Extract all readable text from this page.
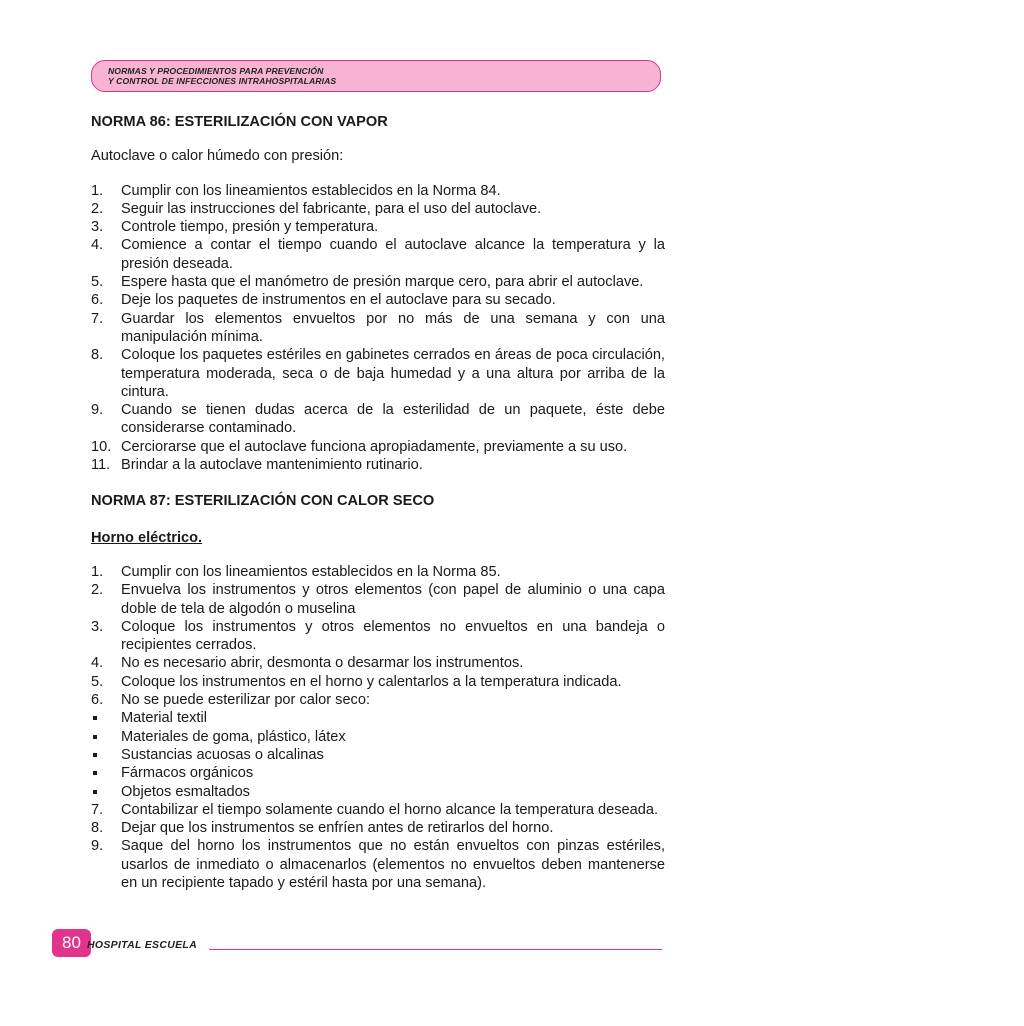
NORMAS Y PROCEDIMIENTOS PARA PREVENCIÓN
Y CONTROL DE INFECCIONES INTRAHOSPITALARIAS
NORMA 86: ESTERILIZACIÓN CON VAPOR
Autoclave o calor húmedo con presión:
1. Cumplir con los lineamientos establecidos en la Norma 84.
2. Seguir las instrucciones del fabricante, para el uso del autoclave.
3. Controle tiempo, presión y temperatura.
4. Comience a contar el tiempo cuando el autoclave alcance la temperatura y la presión deseada.
5. Espere hasta que el manómetro de presión marque cero, para abrir el autoclave.
6. Deje los paquetes de instrumentos en el autoclave para su secado.
7. Guardar los elementos envueltos por no más de una semana y con una manipulación mínima.
8. Coloque los paquetes estériles en gabinetes cerrados en áreas de poca circulación, temperatura moderada, seca o de baja humedad y a una altura por arriba de la cintura.
9. Cuando se tienen dudas acerca de la esterilidad de un paquete, éste debe considerarse contaminado.
10. Cerciorarse que el autoclave funciona apropiadamente, previamente a su uso.
11. Brindar a la autoclave mantenimiento rutinario.
NORMA 87: ESTERILIZACIÓN CON CALOR SECO
Horno eléctrico.
1. Cumplir con los lineamientos establecidos en la Norma 85.
2. Envuelva los instrumentos y otros elementos (con papel de aluminio o una capa doble de tela de algodón o muselina
3. Coloque los instrumentos y otros elementos no envueltos en una bandeja o recipientes cerrados.
4. No es necesario abrir, desmonta o desarmar los instrumentos.
5. Coloque los instrumentos en el horno y calentarlos a la temperatura indicada.
6. No se puede esterilizar por calor seco:
Material textil
Materiales de goma, plástico, látex
Sustancias acuosas o alcalinas
Fármacos orgánicos
Objetos esmaltados
7. Contabilizar el tiempo solamente cuando el horno alcance la temperatura deseada.
8. Dejar que los instrumentos se enfríen antes de retirarlos del horno.
9. Saque del horno los instrumentos que no están envueltos con pinzas estériles, usarlos de inmediato o almacenarlos (elementos no envueltos deben mantenerse en un recipiente tapado y estéril hasta por una semana).
80 HOSPITAL ESCUELA
